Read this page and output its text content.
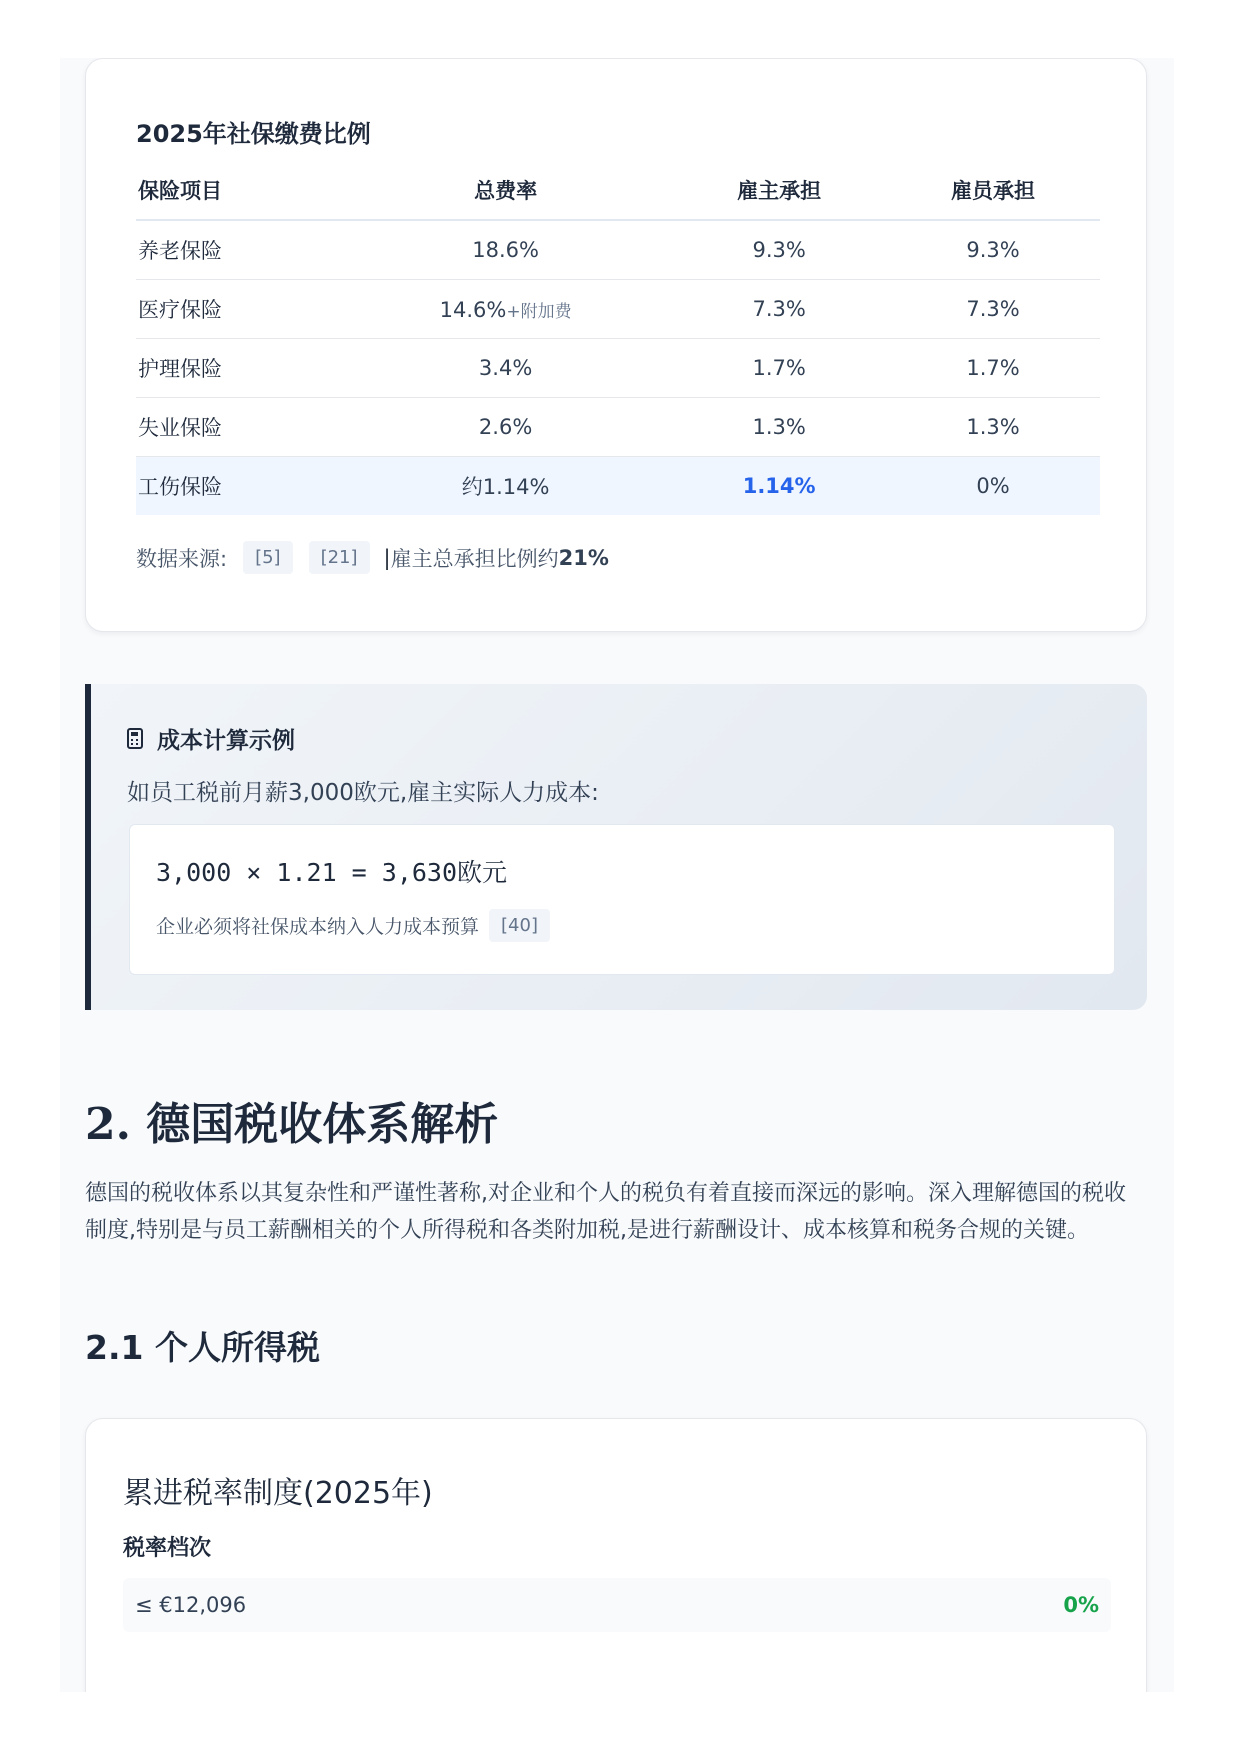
2025年社保缴费比例
保险项目	总费率	雇主承担	雇员承担
养老保险	18.6%	9.3%	9.3%
医疗保险	14.6%+附加费	7.3%	7.3%
护理保险	3.4%	1.7%	1.7%
失业保险	2.6%	1.3%	1.3%
工伤保险	约1.14%	1.14%	0%
数据来源:	[5]	[21]	| 雇主总承担比例约 21%
成本计算示例
如员工税前月薪3,000欧元,雇主实际人力成本:
3,000 × 1.21 = 3,630欧元
企业必须将社保成本纳入人力成本预算	[40]
2. 德国税收体系解析

德国的税收体系以其复杂性和严谨性著称,对企业和个人的税负有着直接而深远的影响。深入理解德国的税收制度,特别是与员工薪酬相关的个人所得税和各类附加税,是进行薪酬设计、成本核算和税务合规的关键。

2.1 个人所得税
累进税率制度(2025年)
税率档次
≤ €12,096	0%
